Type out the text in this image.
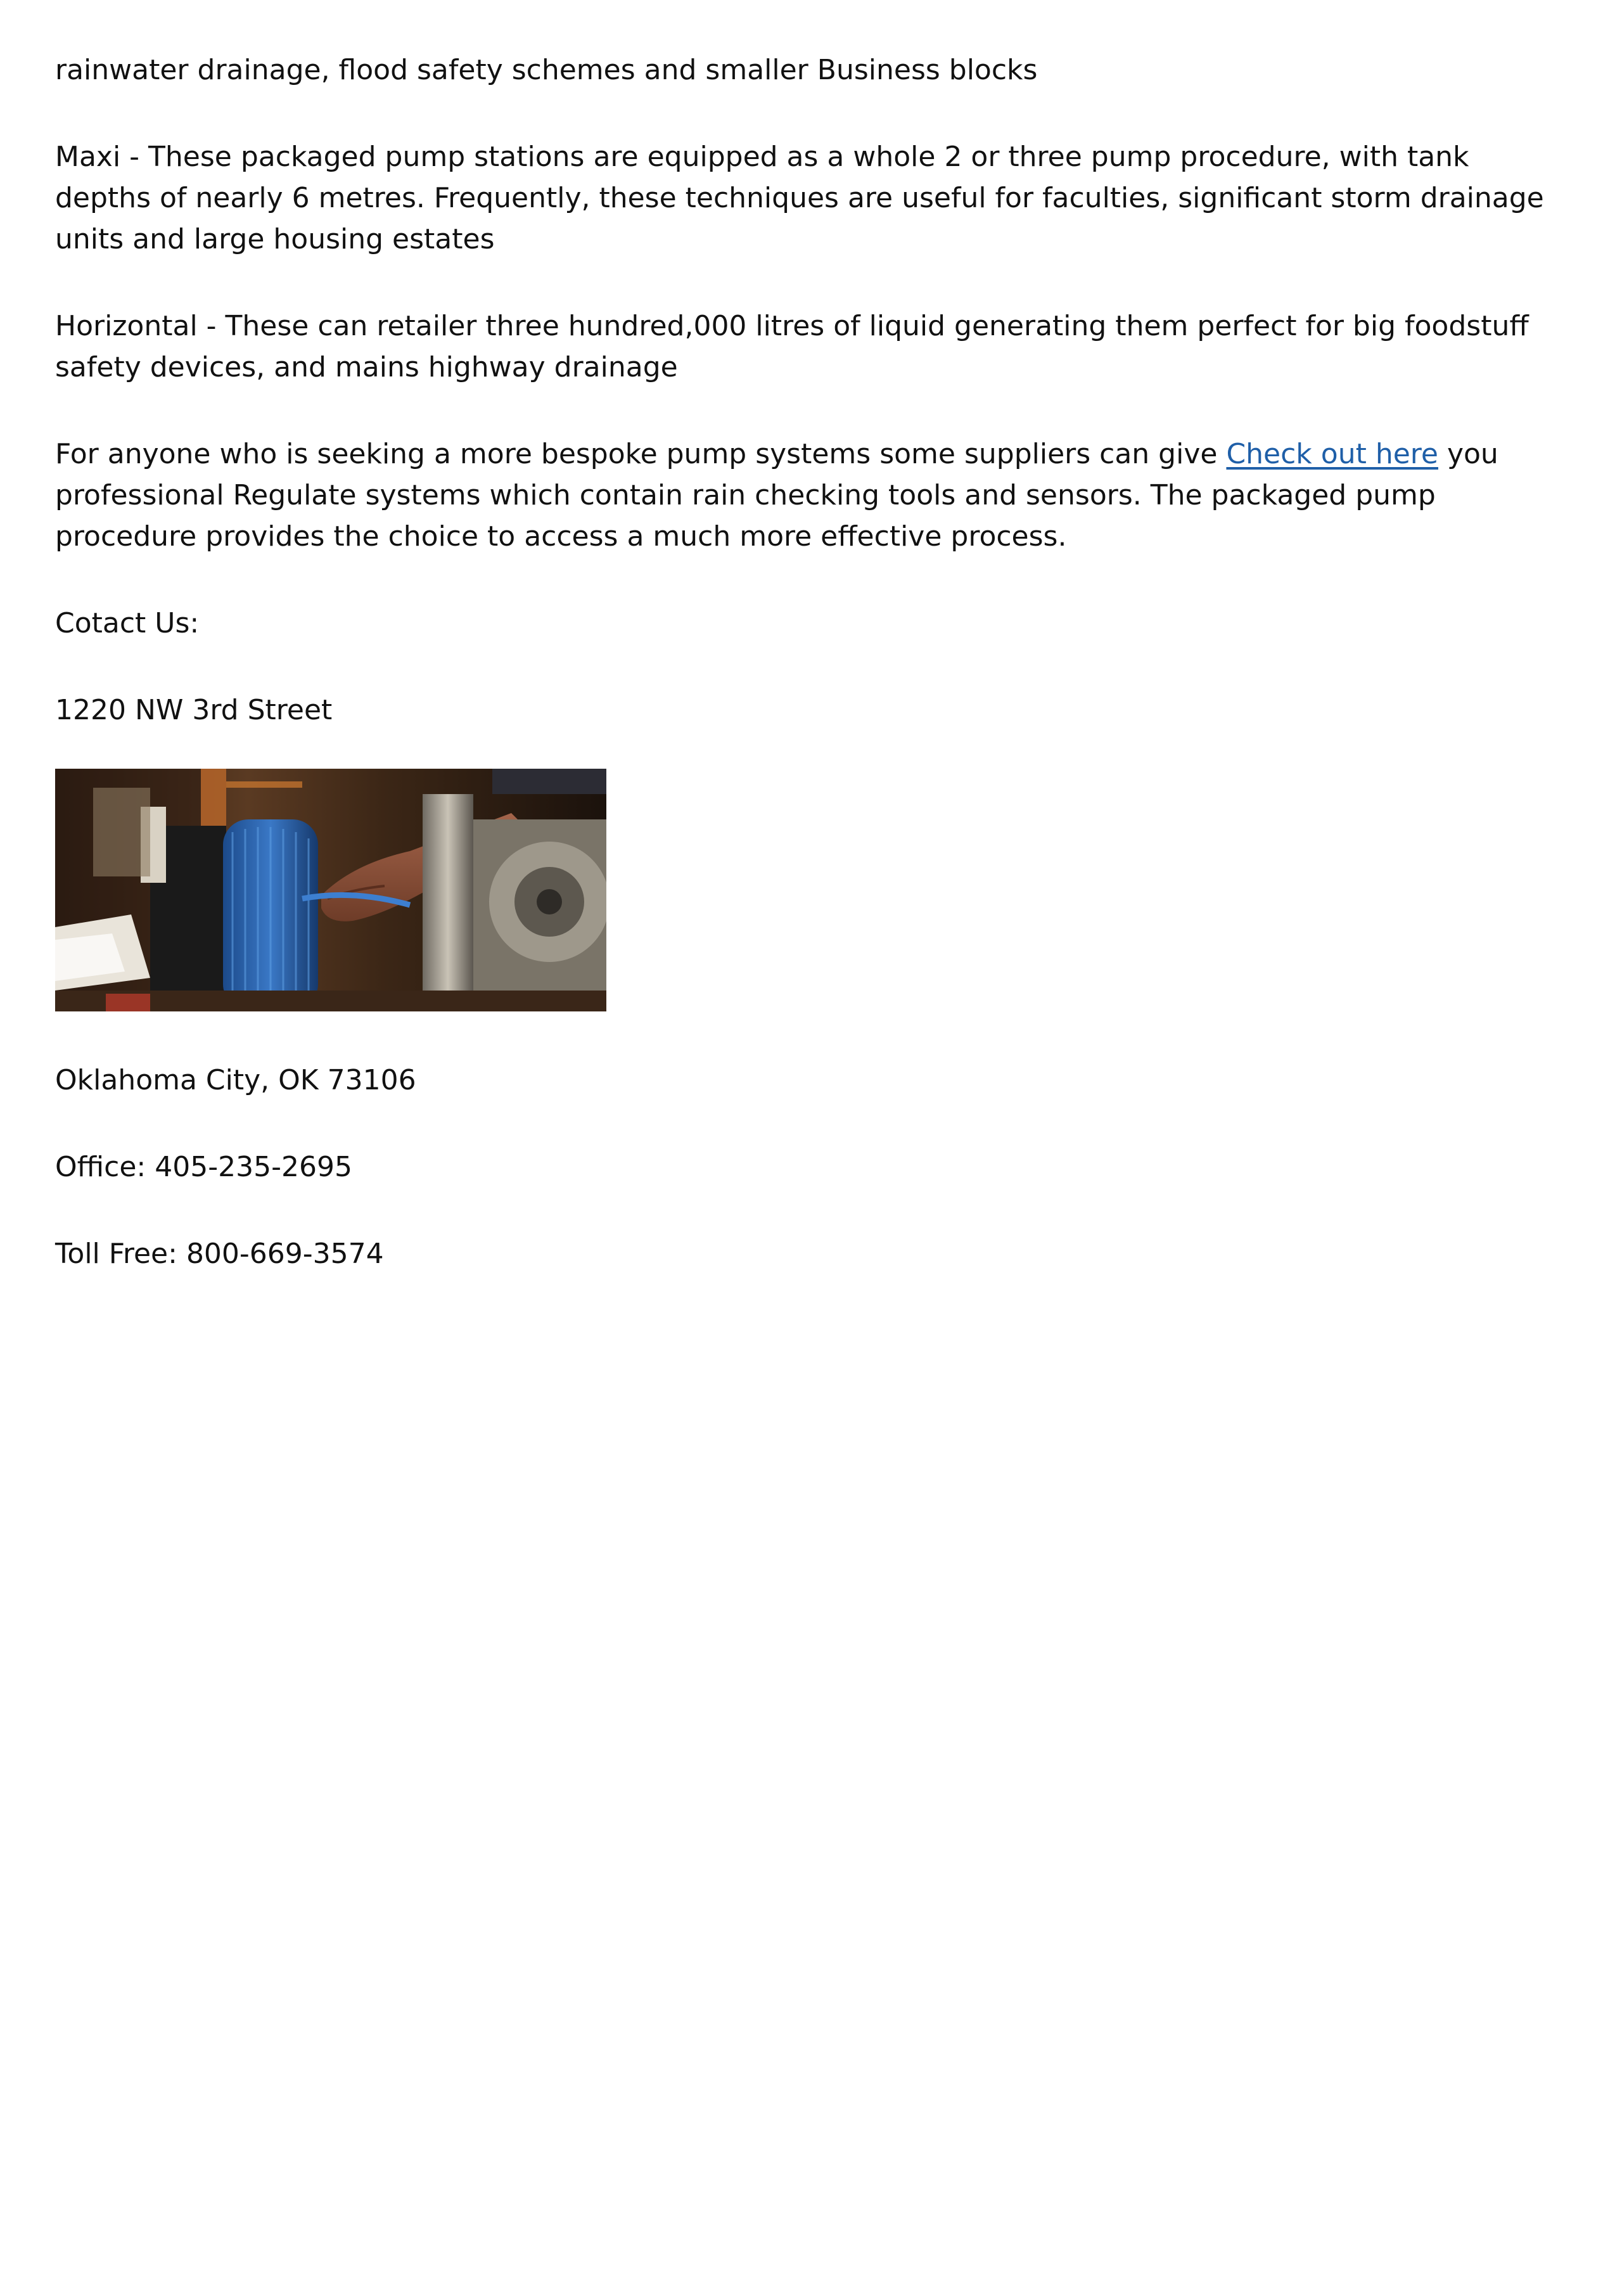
rainwater drainage, flood safety schemes and smaller Business blocks

Maxi - These packaged pump stations are equipped as a whole 2 or three pump procedure, with tank depths of nearly 6 metres. Frequently, these techniques are useful for faculties, significant storm drainage units and large housing estates

Horizontal - These can retailer three hundred,000 litres of liquid generating them perfect for big foodstuff safety devices, and mains highway drainage

For anyone who is seeking a more bespoke pump systems some suppliers can give Check out here you professional Regulate systems which contain rain checking tools and sensors. The packaged pump procedure provides the choice to access a much more effective process.

Cotact Us:

1220 NW 3rd Street

Oklahoma City, OK 73106

Office: 405-235-2695

Toll Free: 800-669-3574
